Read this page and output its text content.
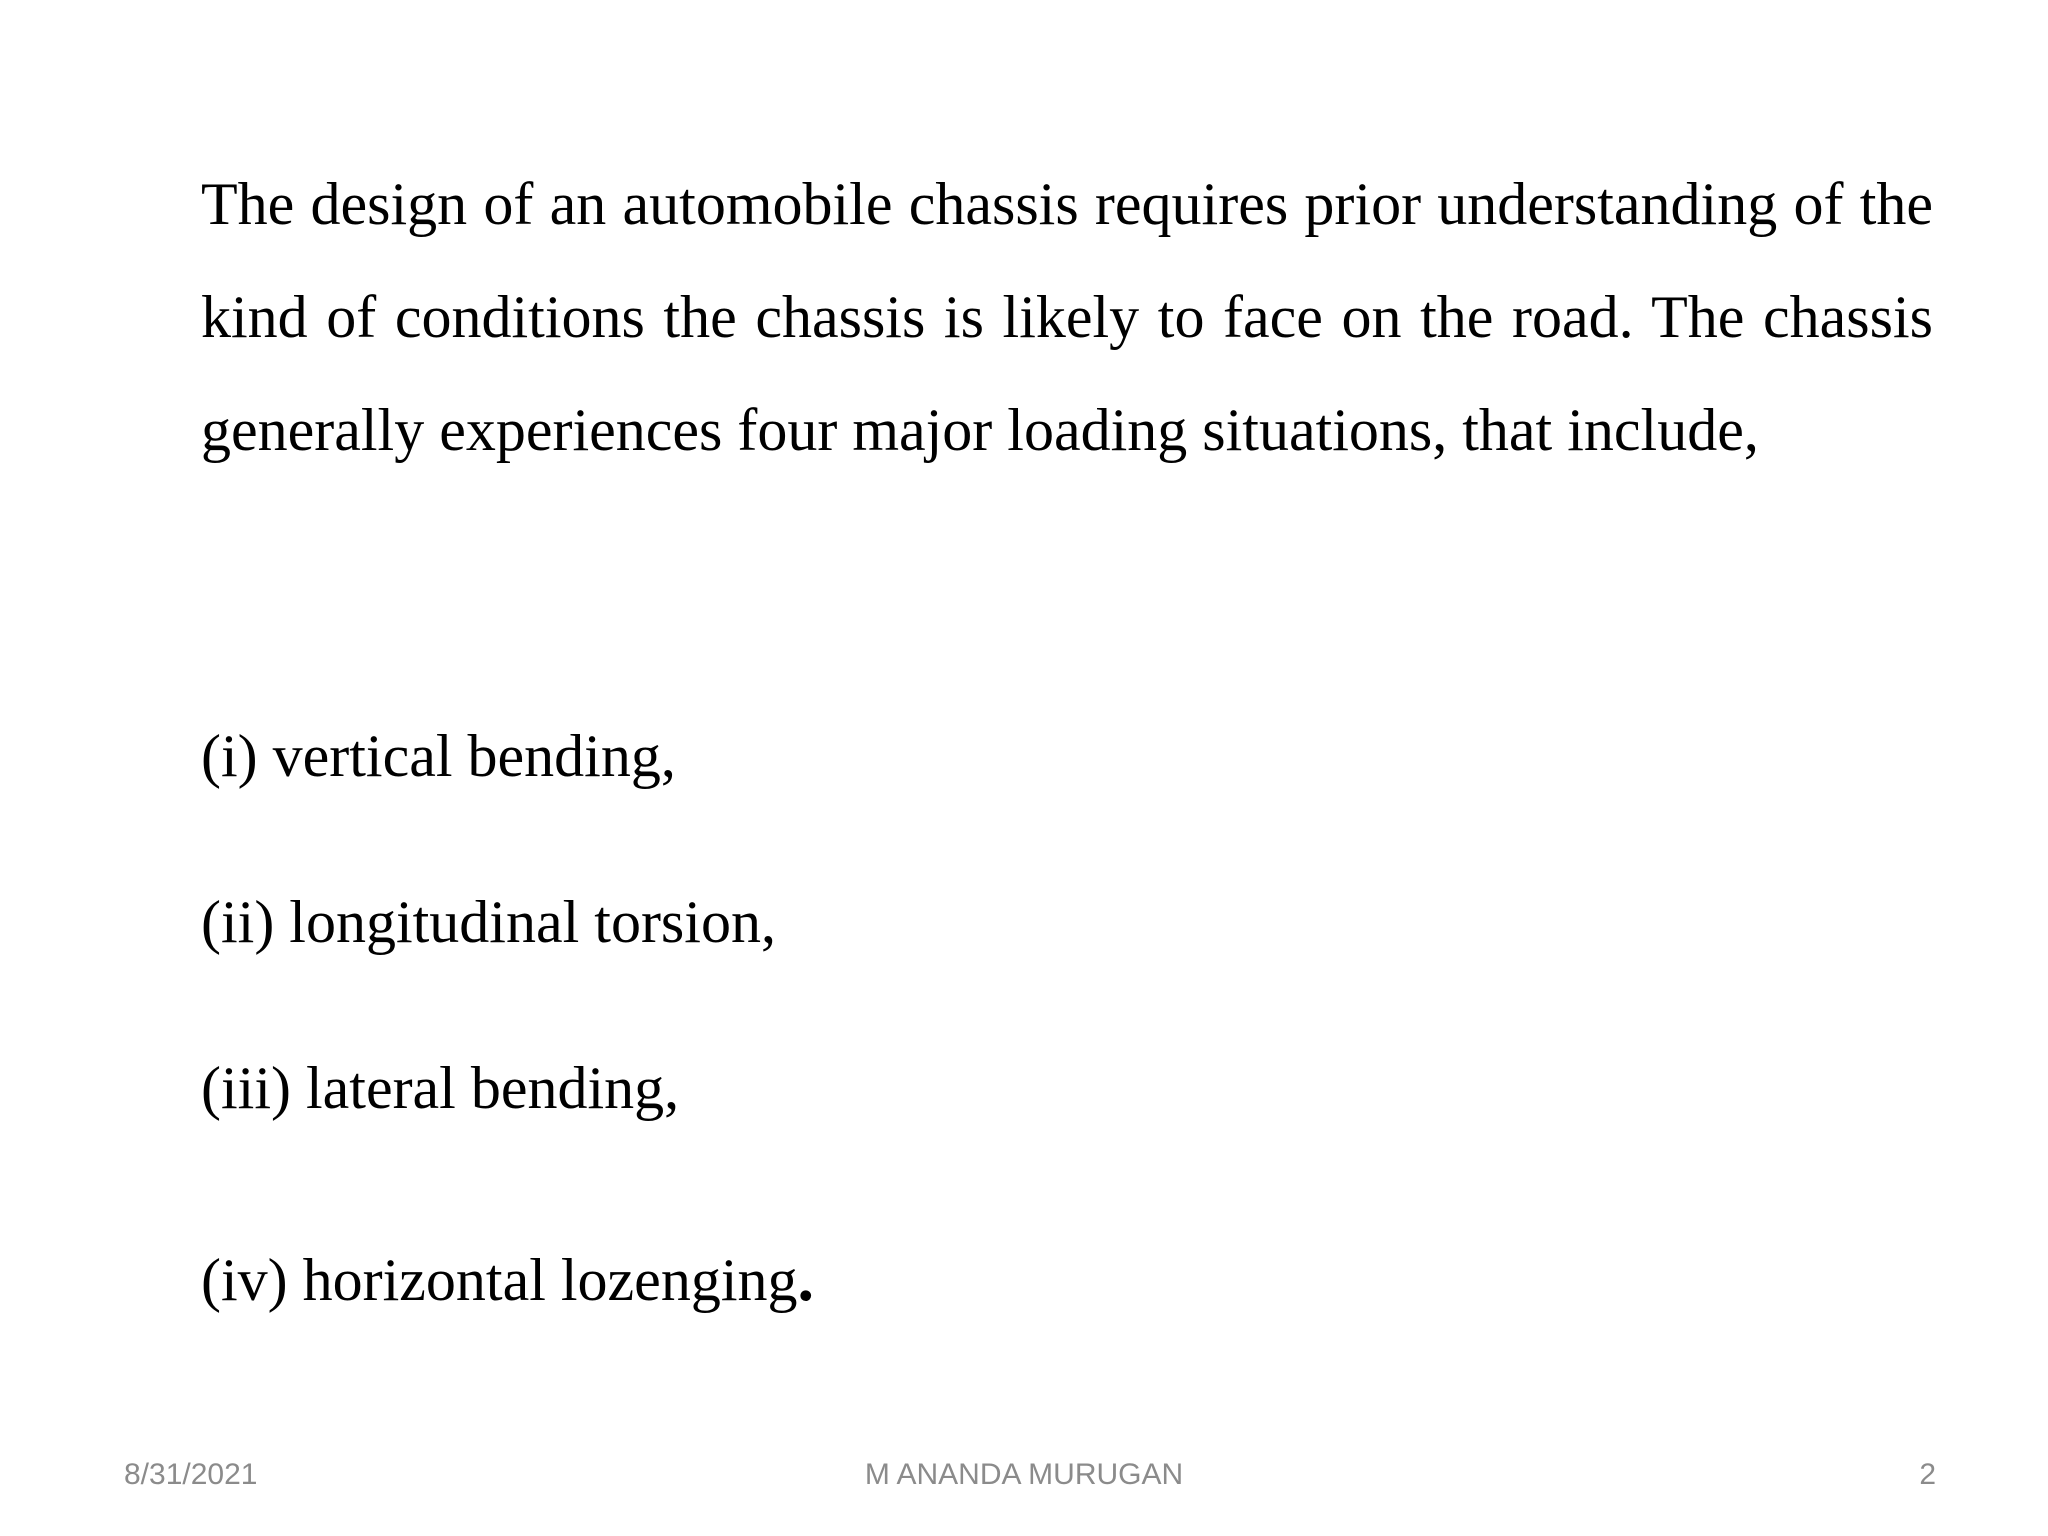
The design of an automobile chassis requires prior understanding of the kind of conditions the chassis is likely to face on the road. The chassis generally experiences four major loading situations, that include,

(i) vertical bending,

(ii) longitudinal torsion,

(iii) lateral bending,

(iv) horizontal lozenging.

8/31/2021	M ANANDA MURUGAN	2
